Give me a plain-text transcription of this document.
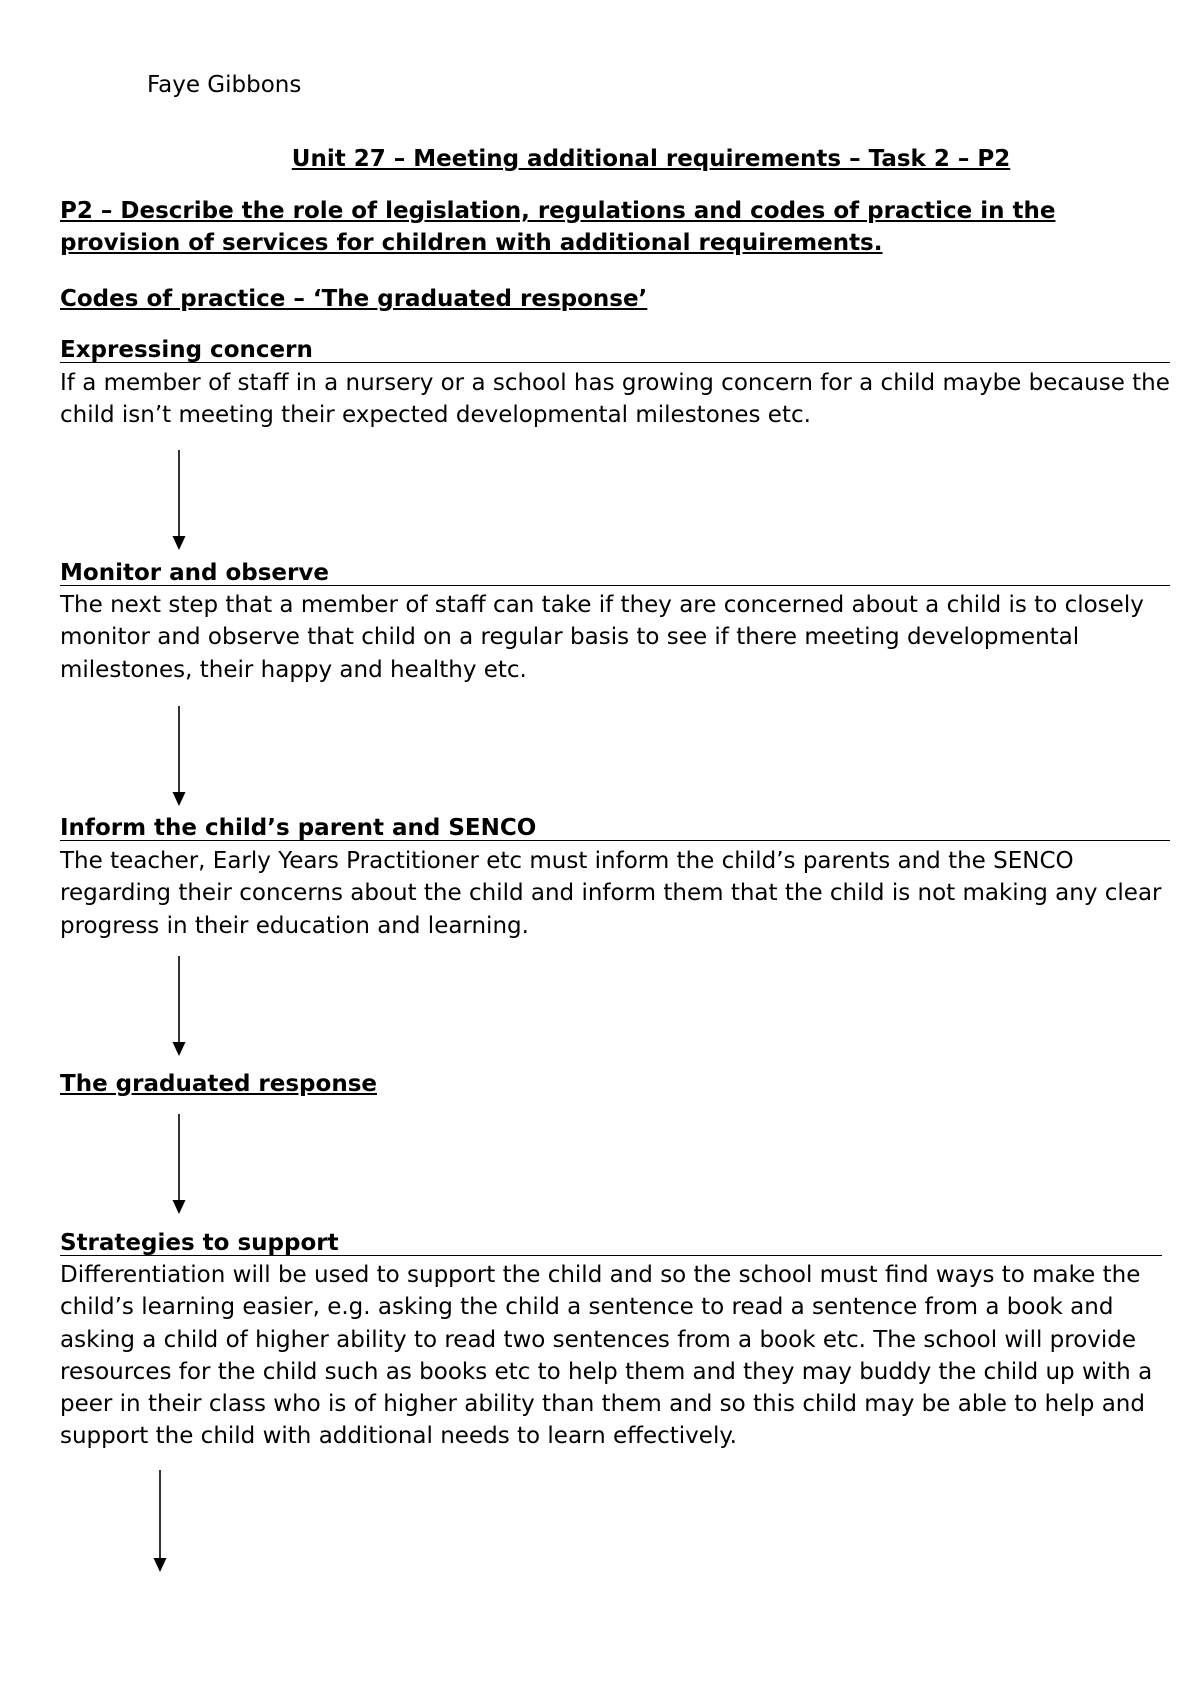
Faye Gibbons
Unit 27 – Meeting additional requirements – Task 2 – P2
P2 – Describe the role of legislation, regulations and codes of practice in the provision of services for children with additional requirements.
Codes of practice – ‘The graduated response’
Expressing concern
If a member of staff in a nursery or a school has growing concern for a child maybe because the child isn’t meeting their expected developmental milestones etc.
Monitor and observe
The next step that a member of staff can take if they are concerned about a child is to closely monitor and observe that child on a regular basis to see if there meeting developmental milestones, their happy and healthy etc.
Inform the child’s parent and SENCO
The teacher, Early Years Practitioner etc must inform the child’s parents and the SENCO regarding their concerns about the child and inform them that the child is not making any clear progress in their education and learning.
The graduated response
Strategies to support
Differentiation will be used to support the child and so the school must find ways to make the child’s learning easier, e.g. asking the child a sentence to read a sentence from a book and asking a child of higher ability to read two sentences from a book etc. The school will provide resources for the child such as books etc to help them and they may buddy the child up with a peer in their class who is of higher ability than them and so this child may be able to help and support the child with additional needs to learn effectively.
